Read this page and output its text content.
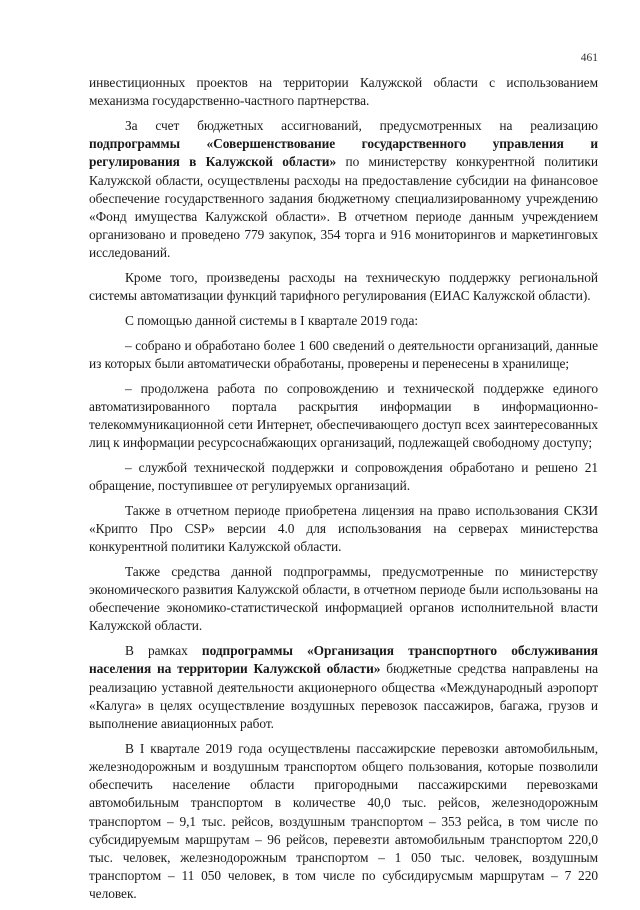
461

инвестиционных проектов на территории Калужской области с использованием механизма государственно-частного партнерства.

За счет бюджетных ассигнований, предусмотренных на реализацию подпрограммы «Совершенствование государственного управления и регулирования в Калужской области» по министерству конкурентной политики Калужской области, осуществлены расходы на предоставление субсидии на финансовое обеспечение государственного задания бюджетному специализированному учреждению «Фонд имущества Калужской области». В отчетном периоде данным учреждением организовано и проведено 779 закупок, 354 торга и 916 мониторингов и маркетинговых исследований.

Кроме того, произведены расходы на техническую поддержку региональной системы автоматизации функций тарифного регулирования (ЕИАС Калужской области).

С помощью данной системы в I квартале 2019 года:

– собрано и обработано более 1 600 сведений о деятельности организаций, данные из которых были автоматически обработаны, проверены и перенесены в хранилище;

– продолжена работа по сопровождению и технической поддержке единого автоматизированного портала раскрытия информации в информационно-телекоммуникационной сети Интернет, обеспечивающего доступ всех заинтересованных лиц к информации ресурсоснабжающих организаций, подлежащей свободному доступу;

– службой технической поддержки и сопровождения обработано и решено 21 обращение, поступившее от регулируемых организаций.

Также в отчетном периоде приобретена лицензия на право использования СКЗИ «Крипто Про CSP» версии 4.0 для использования на серверах министерства конкурентной политики Калужской области.

Также средства данной подпрограммы, предусмотренные по министерству экономического развития Калужской области, в отчетном периоде были использованы на обеспечение экономико-статистической информацией органов исполнительной власти Калужской области.

В рамках подпрограммы «Организация транспортного обслуживания населения на территории Калужской области» бюджетные средства направлены на реализацию уставной деятельности акционерного общества «Международный аэропорт «Калуга» в целях осуществление воздушных перевозок пассажиров, багажа, грузов и выполнение авиационных работ.

В I квартале 2019 года осуществлены пассажирские перевозки автомобильным, железнодорожным и воздушным транспортом общего пользования, которые позволили обеспечить население области пригородными пассажирскими перевозками автомобильным транспортом в количестве 40,0 тыс. рейсов, железнодорожным транспортом – 9,1 тыс. рейсов, воздушным транспортом – 353 рейса, в том числе по субсидируемым маршрутам – 96 рейсов, перевезти автомобильным транспортом 220,0 тыс. человек, железнодорожным транспортом – 1 050 тыс. человек, воздушным транспортом – 11 050 человек, в том числе по субсидирусмым маршрутам – 7 220 человек.
